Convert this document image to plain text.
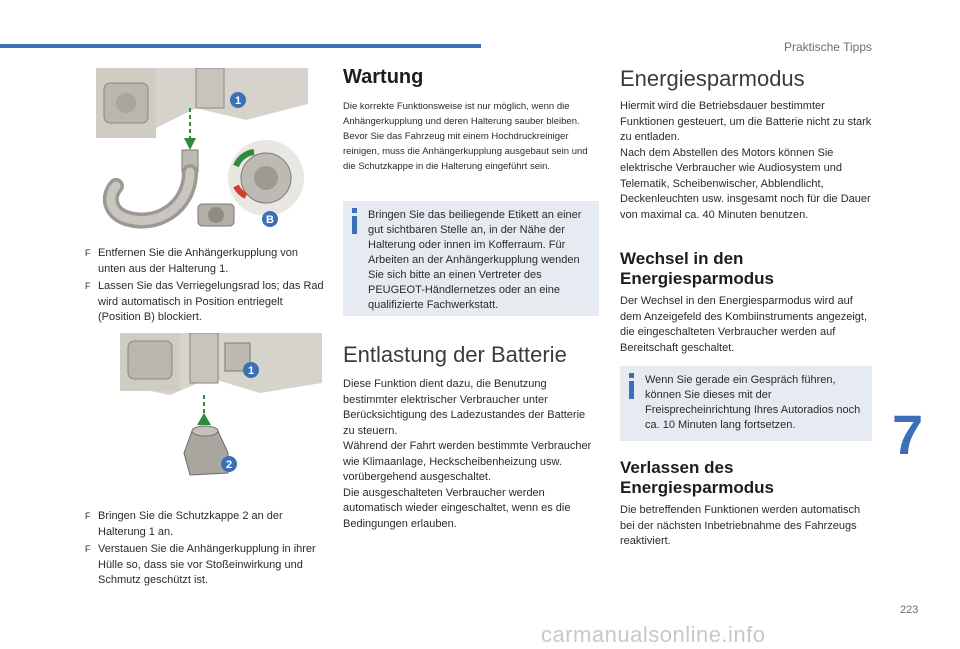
Praktische Tipps
1
B
F Entfernen Sie die Anhängerkupplung von unten aus der Halterung 1.
F Lassen Sie das Verriegelungsrad los; das Rad wird automatisch in Position entriegelt (Position B) blockiert.
1
2
F Bringen Sie die Schutzkappe 2 an der Halterung 1 an.
F Verstauen Sie die Anhängerkupplung in ihrer Hülle so, dass sie vor Stoßeinwirkung und Schmutz geschützt ist.
Wartung

Die korrekte Funktionsweise ist nur möglich, wenn die Anhängerkupplung und deren Halterung sauber bleiben.

Bevor Sie das Fahrzeug mit einem Hochdruckreiniger reinigen, muss die Anhängerkupplung ausgebaut sein und die Schutzkappe in die Halterung eingeführt sein.

Bringen Sie das beiliegende Etikett an einer gut sichtbaren Stelle an, in der Nähe der Halterung oder innen im Kofferraum. Für Arbeiten an der Anhängerkupplung wenden Sie sich bitte an einen Vertreter des PEUGEOT-Händlernetzes oder an eine qualifizierte Fachwerkstatt.
Entlastung der Batterie

Diese Funktion dient dazu, die Benutzung bestimmter elektrischer Verbraucher unter Berücksichtigung des Ladezustandes der Batterie zu steuern.

Während der Fahrt werden bestimmte Verbraucher wie Klimaanlage, Heckscheibenheizung usw. vorübergehend ausgeschaltet.

Die ausgeschalteten Verbraucher werden automatisch wieder eingeschaltet, wenn es die Bedingungen erlauben.

Energiesparmodus

Hiermit wird die Betriebsdauer bestimmter Funktionen gesteuert, um die Batterie nicht zu stark zu entladen.

Nach dem Abstellen des Motors können Sie elektrische Verbraucher wie Audiosystem und Telematik, Scheibenwischer, Abblendlicht, Deckenleuchten usw. insgesamt noch für die Dauer von maximal ca. 40 Minuten benutzen.

Wechsel in den Energiesparmodus

Der Wechsel in den Energiesparmodus wird auf dem Anzeigefeld des Kombiinstruments angezeigt, die eingeschalteten Verbraucher werden auf Bereitschaft geschaltet.

Wenn Sie gerade ein Gespräch führen, können Sie dieses mit der Freisprecheinrichtung Ihres Autoradios noch ca. 10 Minuten lang fortsetzen.
Verlassen des Energiesparmodus

Die betreffenden Funktionen werden automatisch bei der nächsten Inbetriebnahme des Fahrzeugs reaktiviert.

7
223
carmanualsonline.info
